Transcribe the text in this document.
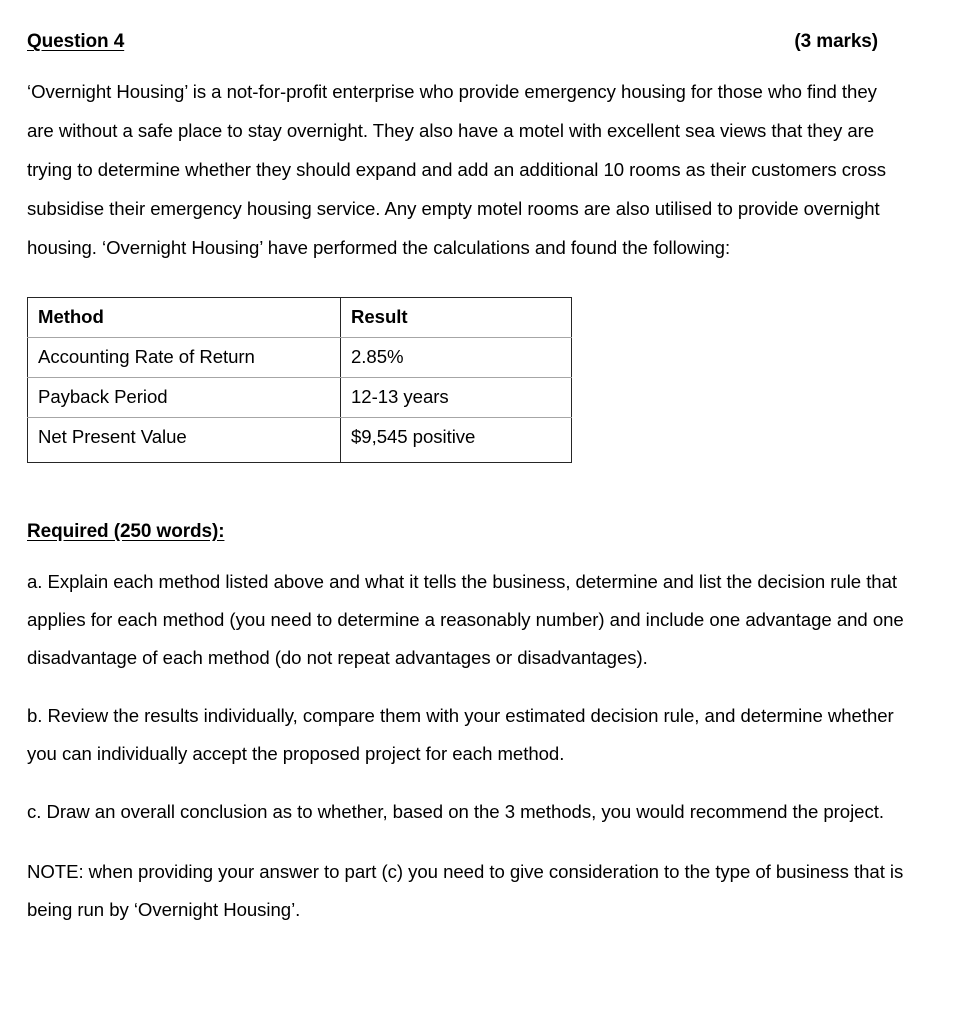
Question 4	(3 marks)

‘Overnight Housing’ is a not-for-profit enterprise who provide emergency housing for those who find they are without a safe place to stay overnight. They also have a motel with excellent sea views that they are trying to determine whether they should expand and add an additional 10 rooms as their customers cross subsidise their emergency housing service. Any empty motel rooms are also utilised to provide overnight housing. ‘Overnight Housing’ have performed the calculations and found the following:

Method	Result
Accounting Rate of Return	2.85%
Payback Period	12-13 years
Net Present Value	$9,545 positive

Required (250 words):

a. Explain each method listed above and what it tells the business, determine and list the decision rule that applies for each method (you need to determine a reasonably number) and include one advantage and one disadvantage of each method (do not repeat advantages or disadvantages).

b. Review the results individually, compare them with your estimated decision rule, and determine whether you can individually accept the proposed project for each method.

c. Draw an overall conclusion as to whether, based on the 3 methods, you would recommend the project.

NOTE: when providing your answer to part (c) you need to give consideration to the type of business that is being run by ‘Overnight Housing’.
